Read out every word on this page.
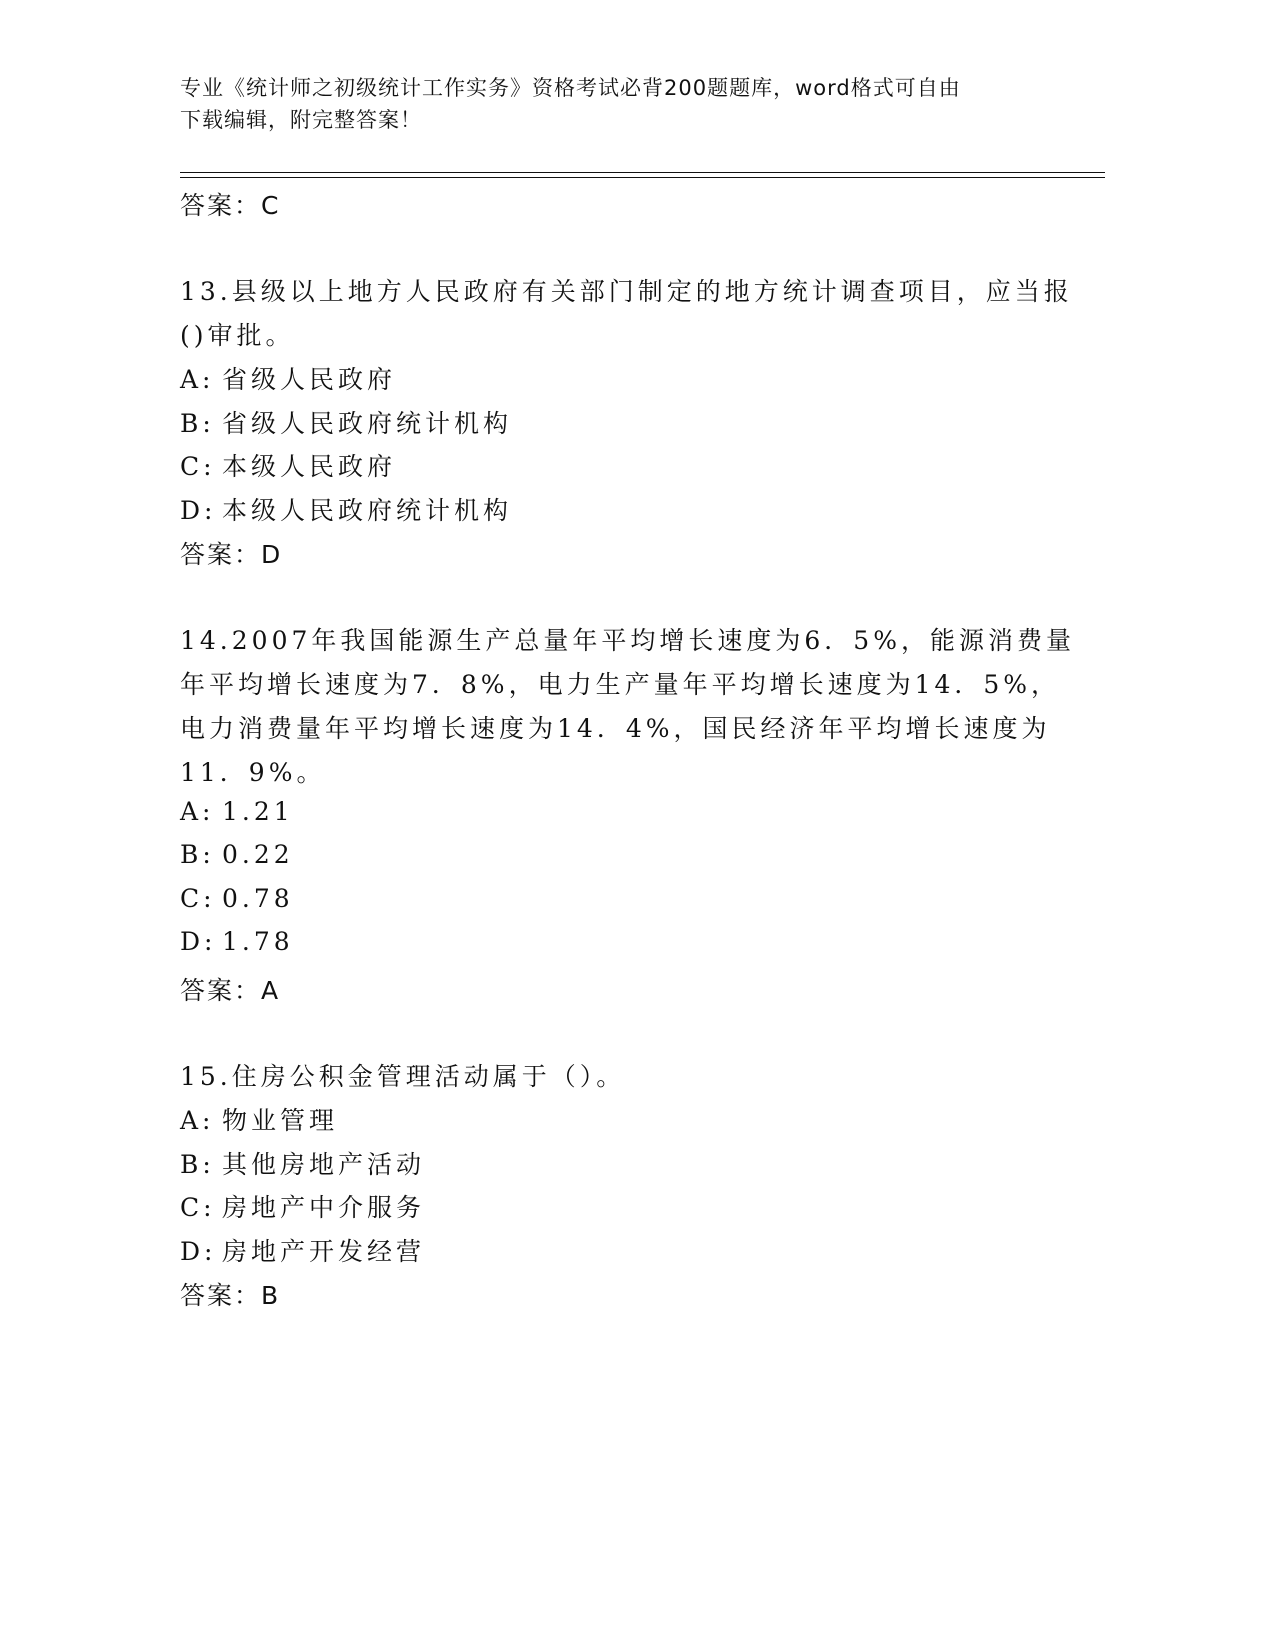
专业《统计师之初级统计工作实务》资格考试必背200题题库，word格式可自由
下载编辑，附完整答案！
答案：C
13.县级以上地方人民政府有关部门制定的地方统计调查项目，应当报
()审批。
A: 省级人民政府
B: 省级人民政府统计机构
C: 本级人民政府
D: 本级人民政府统计机构
答案：D
14.2007年我国能源生产总量年平均增长速度为6．5%，能源消费量
年平均增长速度为7．8%，电力生产量年平均增长速度为14．5%，
电力消费量年平均增长速度为14．4%，国民经济年平均增长速度为
11．9%。
A: 1.21
B: 0.22
C: 0.78
D: 1.78
答案：A
15.住房公积金管理活动属于（）。
A: 物业管理
B: 其他房地产活动
C: 房地产中介服务
D: 房地产开发经营
答案：B
